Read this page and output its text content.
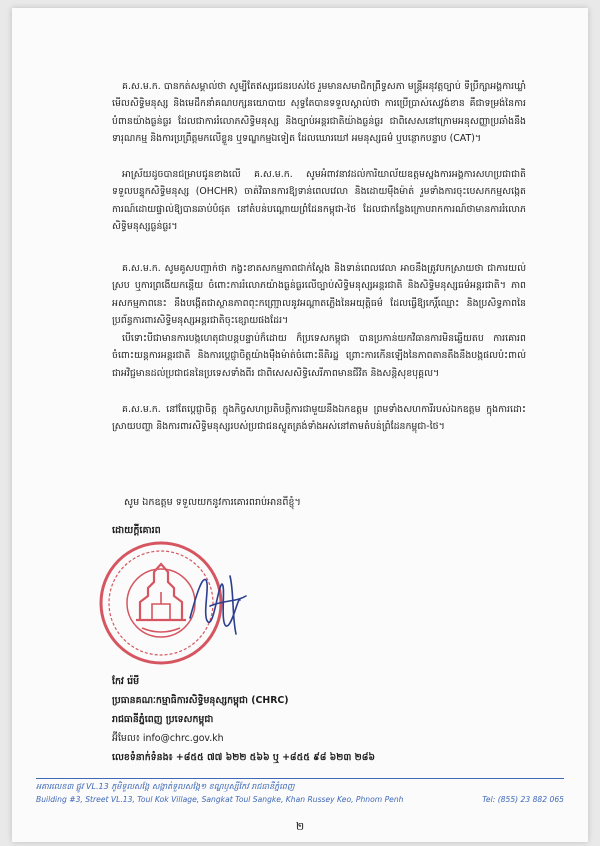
គ.ស.ម.ក. បានកត់សម្គាល់ថា សូម្បីតែឥស្សរជនរបស់ថៃ រួមមានសមាជិកព្រឹទ្ធសភា មន្ត្រីអនុវត្តច្បាប់ ទីប្រឹក្សាអង្គការឃ្លាំមើលសិទ្ធិមនុស្ស និងមេដឹកនាំគណបក្សនយោបាយ សុទ្ធតែបានទទួលស្គាល់ថា ការប្រើប្រាស់សេវ្វង់ខាន គឺជាទម្រង់នៃការបំពានយ៉ាងធ្ងន់ធ្ងរ ដែលជាការរំលោភសិទ្ធិមនុស្ស និងច្បាប់អន្តរជាតិយ៉ាងធ្ងន់ធ្ងរ ជាពិសេសនៅក្រោមអនុសញ្ញាប្រឆាំងនឹងទារុណកម្ម និងការប្រព្រឹត្តមកលើខ្លួន ឬទណ្ឌកម្មឯទៀត ដែលឃោរឃៅ អមនុស្សធម៌ ឬបន្ថោកបន្ទាប (CAT)។

អាស្រ័យដូចបានជម្រាបជូនខាងលើ គ.ស.ម.ក. សូមអំពាវនាវដល់ការិយាល័យឧត្តមស្នងការអង្គការសហប្រជាជាតិទទួលបន្ទុកសិទ្ធិមនុស្ស (OHCHR) ចាត់វិធានការឱ្យទាន់ពេលវេលា និងដោយម៉ឺងម៉ាត់ រួមទាំងការចុះបេសកកម្មសង្កេតការណ៍ដោយផ្ទាល់ឱ្យបានឆាប់បំផុត នៅតំបន់បណ្តោយព្រំដែនកម្ពុជា-ថៃ ដែលជាកន្លែងក្រោបរាកការណ៍ថាមានការរំលោភសិទ្ធិមនុស្សធ្ងន់ធ្ងរ។

គ.ស.ម.ក. សូមគូសបញ្ជាក់ថា កង្វះខាតសកម្មភាពជាក់ស្តែង និងទាន់ពេលវេលា អាចនឹងត្រូវបកស្រាយថា ជាការយល់ស្រប ឬការព្រងើយកន្តើយ ចំពោះការរំលោភយ៉ាងធ្ងន់ធ្ងរលើច្បាប់សិទ្ធិមនុស្សអន្តរជាតិ និងសិទ្ធិមនុស្សធម៌អន្តរជាតិ។ ភាពអសកម្មភាពនេះ នឹងបង្កើតជាស្ថានភាពពុះកញ្ជ្រោលនូវអណ្ដាតភ្លើងនៃអយុត្តិធម៌ ដែលធ្វើឱ្យកេរ្តិ៍ឈ្មោះ និងប្រសិទ្ធភាពនៃប្រព័ន្ធការពារសិទ្ធិមនុស្សអន្តរជាតិចុះខ្សោយផងដែរ។

បើទោះបីជាមានការបង្កហេតុជាបន្តបន្ទាប់ក៏ដោយ ក៏ប្រទេសកម្ពុជា បានប្រកាន់យកវិធានការមិនឆ្លើយតប ការគោរពចំពោះយន្តការអន្តរជាតិ និងការប្តេជ្ញាចិត្តយ៉ាងម៉ឺងម៉ាត់ចំពោះនីតិរដ្ឋ ព្រោះការកើនឡើងនៃភាពតានតឹងនឹងបង្កផលប៉ះពាល់ជាអវិជ្ជមានដល់ប្រជាជននៃប្រទេសទាំងពីរ ជាពិសេសសិទ្ធិសេរីភាពមានជីវិត និងសន្តិសុខបុគ្គល។

គ.ស.ម.ក. នៅតែប្តេជ្ញាចិត្ត ក្នុងកិច្ចសហប្រតិបត្តិការជាមួយនឹងឯកឧត្តម ព្រមទាំងសហការីរបស់ឯកឧត្តម ក្នុងការដោះស្រាយបញ្ហា និងការពារសិទ្ធិមនុស្សរបស់ប្រជាជនស្លូតត្រង់ទាំងអស់នៅតាមតំបន់ព្រំដែនកម្ពុជា-ថៃ។

សូម ឯកឧត្តម ទទួលយកនូវការគោរពរាប់អានពីខ្ញុំ។
ដោយក្តីគោរព
កែវ រ៉េមី
ប្រធានគណៈកម្មាធិការសិទ្ធិមនុស្សកម្ពុជា (CHRC)
រាជធានីភ្នំពេញ ប្រទេសកម្ពុជា
អ៊ីមែល៖ info@chrc.gov.kh
លេខទំនាក់ទំនង៖ +៨៥៥ ៧៧ ៦២២ ៥៦៦ ឬ +៨៥៥ ៩៨ ៦២៣ ២៨៦
អគារលេខ៣ ផ្លូវ VL.13 ភូមិទួលសង្កែ សង្កាត់ទួលសង្កែ១ ខណ្ឌឫស្សីកែវ រាជធានីភ្នំពេញ
Building #3, Street VL.13, Toul Kok Village, Sangkat Toul Sangke, Khan Russey Keo, Phnom Penh	Tel: (855) 23 882 065
២
